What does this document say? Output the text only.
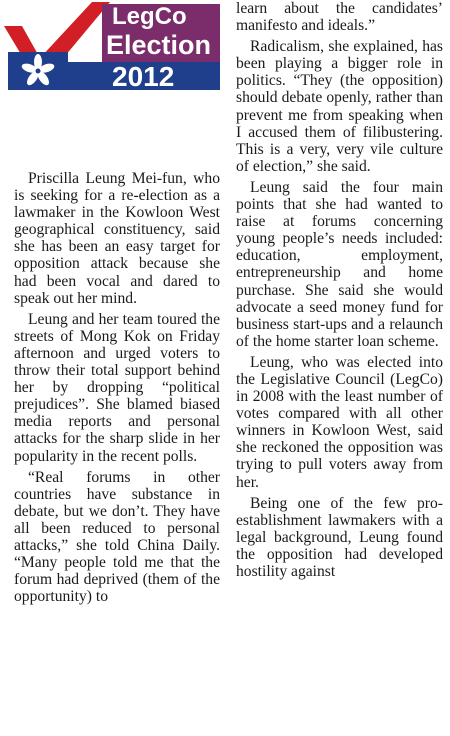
LegCo
Election
2012

Priscilla Leung Mei-fun, who is seeking for a re-election as a lawmaker in the Kowloon West geographical constituency, said she has been an easy target for opposition attack because she had been vocal and dared to speak out her mind.

Leung and her team toured the streets of Mong Kok on Friday afternoon and urged voters to throw their total support behind her by dropping “political prejudices”. She blamed biased media reports and personal attacks for the sharp slide in her popularity in the recent polls.

“Real forums in other countries have substance in debate, but we don’t. They have all been reduced to personal attacks,” she told China Daily. “Many people told me that the forum had deprived (them of the opportunity) to

learn about the candidates’ manifesto and ideals.”

Radicalism, she explained, has been playing a bigger role in politics. “They (the opposition) should debate openly, rather than prevent me from speaking when I accused them of filibustering. This is a very, very vile culture of election,” she said.

Leung said the four main points that she had wanted to raise at forums concerning young people’s needs included: education, employment, entrepreneurship and home purchase. She said she would advocate a seed money fund for business start-ups and a relaunch of the home starter loan scheme.

Leung, who was elected into the Legislative Council (LegCo) in 2008 with the least number of votes compared with all other winners in Kowloon West, said she reckoned the opposition was trying to pull voters away from her.

Being one of the few pro-establishment lawmakers with a legal background, Leung found the opposition had developed hostility against
